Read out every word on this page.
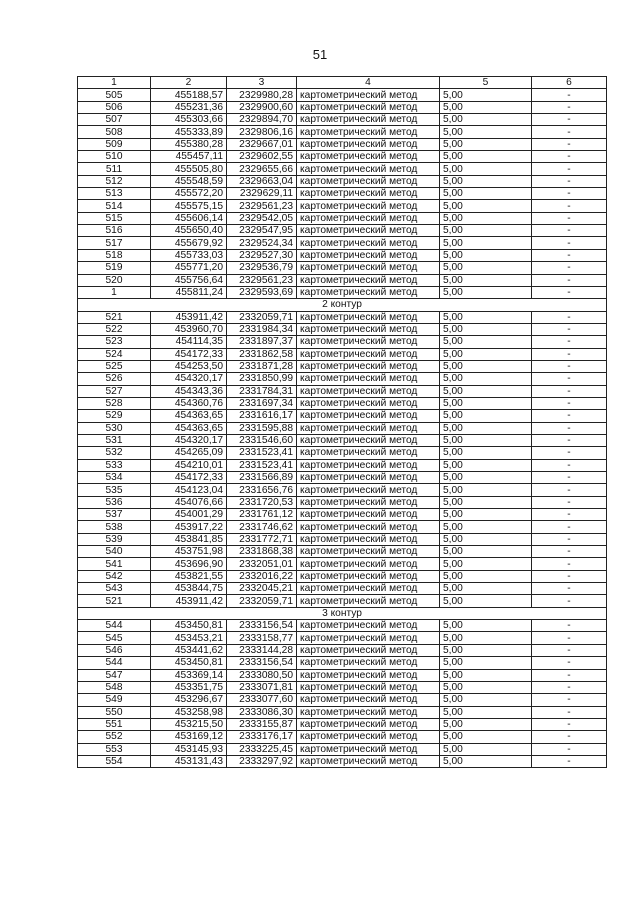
51
1	2	3	4	5	6
505	455188,57	2329980,28	картометрический метод	5,00	-
506	455231,36	2329900,60	картометрический метод	5,00	-
507	455303,66	2329894,70	картометрический метод	5,00	-
508	455333,89	2329806,16	картометрический метод	5,00	-
509	455380,28	2329667,01	картометрический метод	5,00	-
510	455457,11	2329602,55	картометрический метод	5,00	-
511	455505,80	2329655,66	картометрический метод	5,00	-
512	455548,59	2329663,04	картометрический метод	5,00	-
513	455572,20	2329629,11	картометрический метод	5,00	-
514	455575,15	2329561,23	картометрический метод	5,00	-
515	455606,14	2329542,05	картометрический метод	5,00	-
516	455650,40	2329547,95	картометрический метод	5,00	-
517	455679,92	2329524,34	картометрический метод	5,00	-
518	455733,03	2329527,30	картометрический метод	5,00	-
519	455771,20	2329536,79	картометрический метод	5,00	-
520	455756,64	2329561,23	картометрический метод	5,00	-
1	455811,24	2329593,69	картометрический метод	5,00	-
2 контур					
521	453911,42	2332059,71	картометрический метод	5,00	-
522	453960,70	2331984,34	картометрический метод	5,00	-
523	454114,35	2331897,37	картометрический метод	5,00	-
524	454172,33	2331862,58	картометрический метод	5,00	-
525	454253,50	2331871,28	картометрический метод	5,00	-
526	454320,17	2331850,99	картометрический метод	5,00	-
527	454343,36	2331784,31	картометрический метод	5,00	-
528	454360,76	2331697,34	картометрический метод	5,00	-
529	454363,65	2331616,17	картометрический метод	5,00	-
530	454363,65	2331595,88	картометрический метод	5,00	-
531	454320,17	2331546,60	картометрический метод	5,00	-
532	454265,09	2331523,41	картометрический метод	5,00	-
533	454210,01	2331523,41	картометрический метод	5,00	-
534	454172,33	2331566,89	картометрический метод	5,00	-
535	454123,04	2331656,76	картометрический метод	5,00	-
536	454076,66	2331720,53	картометрический метод	5,00	-
537	454001,29	2331761,12	картометрический метод	5,00	-
538	453917,22	2331746,62	картометрический метод	5,00	-
539	453841,85	2331772,71	картометрический метод	5,00	-
540	453751,98	2331868,38	картометрический метод	5,00	-
541	453696,90	2332051,01	картометрический метод	5,00	-
542	453821,55	2332016,22	картометрический метод	5,00	-
543	453844,75	2332045,21	картометрический метод	5,00	-
521	453911,42	2332059,71	картометрический метод	5,00	-
3 контур					
544	453450,81	2333156,54	картометрический метод	5,00	-
545	453453,21	2333158,77	картометрический метод	5,00	-
546	453441,62	2333144,28	картометрический метод	5,00	-
544	453450,81	2333156,54	картометрический метод	5,00	-
547	453369,14	2333080,50	картометрический метод	5,00	-
548	453351,75	2333071,81	картометрический метод	5,00	-
549	453296,67	2333077,60	картометрический метод	5,00	-
550	453258,98	2333086,30	картометрический метод	5,00	-
551	453215,50	2333155,87	картометрический метод	5,00	-
552	453169,12	2333176,17	картометрический метод	5,00	-
553	453145,93	2333225,45	картометрический метод	5,00	-
554	453131,43	2333297,92	картометрический метод	5,00	-
